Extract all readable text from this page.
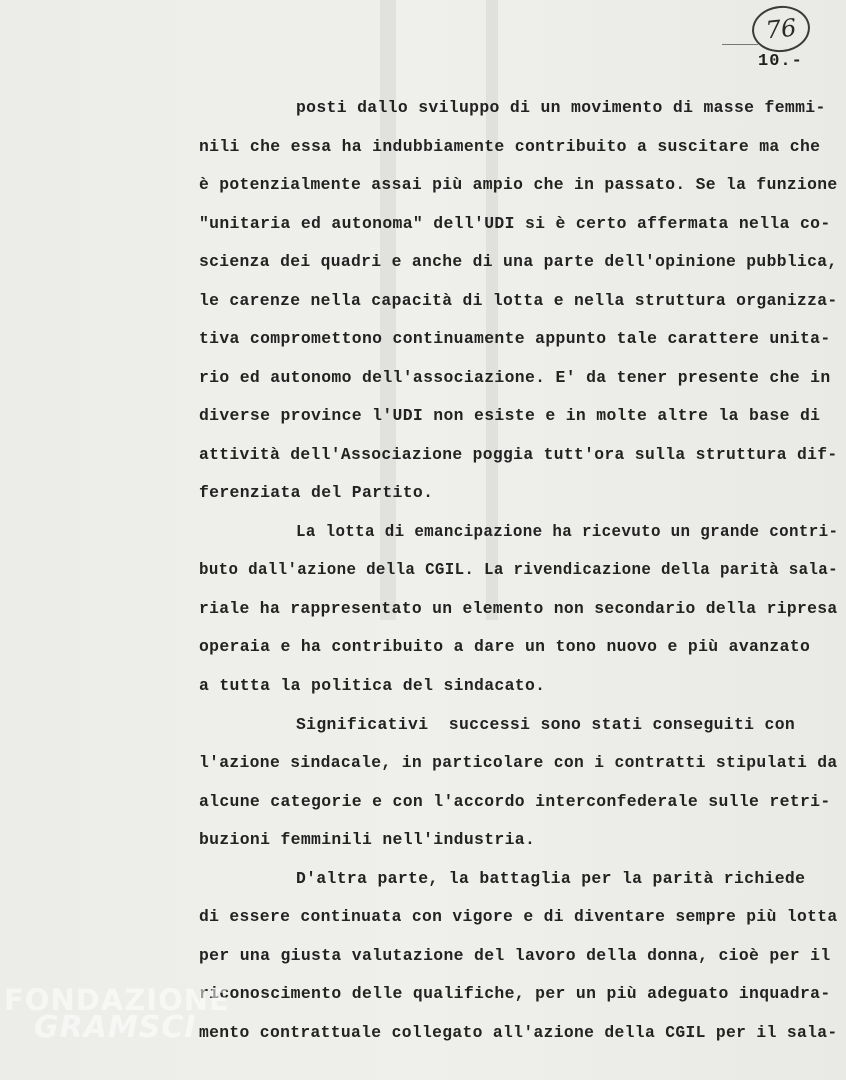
76
10.-
posti dallo sviluppo di un movimento di masse femmi-
nili che essa ha indubbiamente contribuito a suscitare ma che
è potenzialmente assai più ampio che in passato. Se la funzione
"unitaria ed autonoma" dell'UDI si è certo affermata nella co-
scienza dei quadri e anche di una parte dell'opinione pubblica,
le carenze nella capacità di lotta e nella struttura organizza-
tiva compromettono continuamente appunto tale carattere unita-
rio ed autonomo dell'associazione. E' da tener presente che in
diverse province l'UDI non esiste e in molte altre la base di
attività dell'Associazione poggia tutt'ora sulla struttura dif-
ferenziata del Partito.
La lotta di emancipazione ha ricevuto un grande contri-
buto dall'azione della CGIL. La rivendicazione della parità sala-
riale ha rappresentato un elemento non secondario della ripresa
operaia e ha contribuito a dare un tono nuovo e più avanzato
a tutta la politica del sindacato.
Significativi  successi sono stati conseguiti con
l'azione sindacale, in particolare con i contratti stipulati da
alcune categorie e con l'accordo interconfederale sulle retri-
buzioni femminili nell'industria.
D'altra parte, la battaglia per la parità richiede
di essere continuata con vigore e di diventare sempre più lotta
per una giusta valutazione del lavoro della donna, cioè per il
riconoscimento delle qualifiche, per un più adeguato inquadra-
mento contrattuale collegato all'azione della CGIL per il sala-
FONDAZIONE
GRAMSCI
